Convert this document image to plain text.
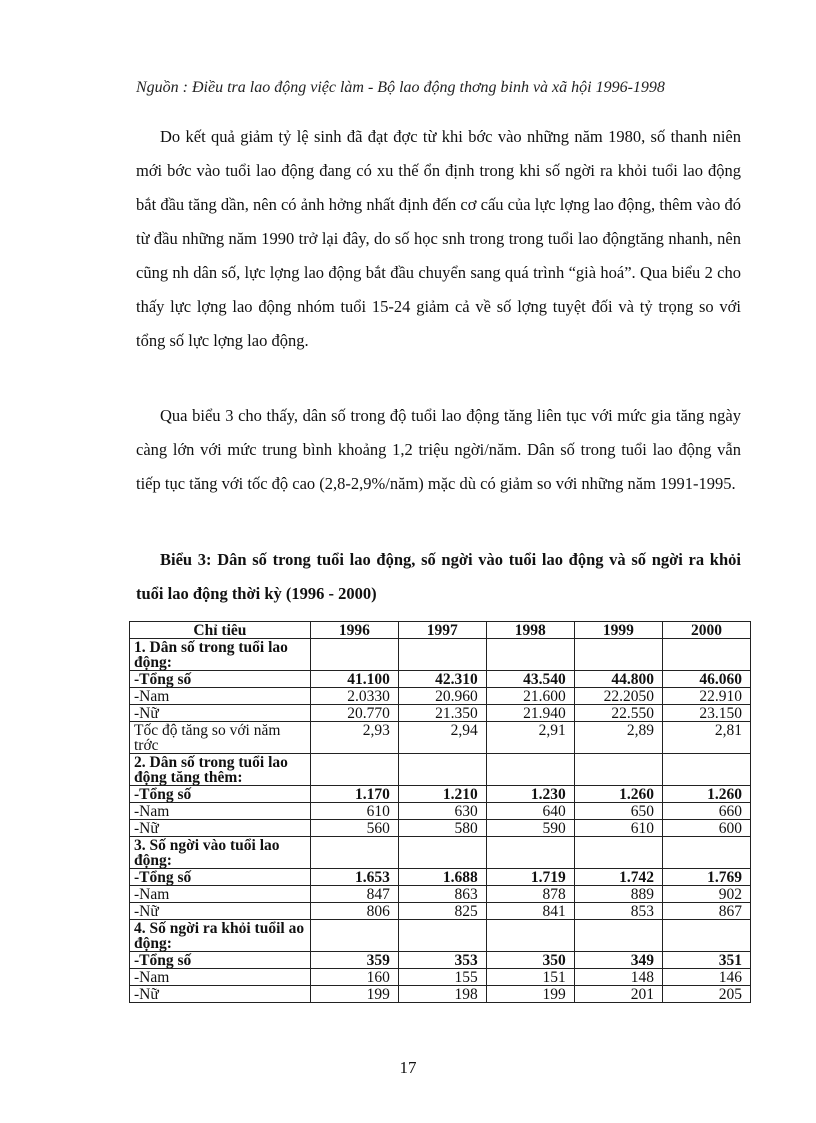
Nguồn : Điều tra lao động việc làm - Bộ lao động thơng binh và xã hội 1996-1998
Do kết quả giảm tỷ lệ sinh đã đạt đợc từ khi bớc vào những năm 1980, số thanh niên mới bớc vào tuổi lao động đang có xu thế ổn định trong khi số ngời ra khỏi tuổi lao động bắt đầu tăng dần, nên có ảnh hởng nhất định đến cơ cấu của lực lợng lao động, thêm vào đó từ đầu những năm 1990 trở lại đây, do số học snh trong trong tuổi lao độngtăng nhanh, nên cũng nh dân số, lực lợng lao động bắt đầu chuyển sang quá trình “già hoá”. Qua biểu 2 cho thấy lực lợng lao động nhóm tuổi 15-24 giảm cả về số lợng tuyệt đối và tỷ trọng so với tổng số lực lợng lao động.
Qua biểu 3 cho thấy, dân số trong độ tuổi lao động tăng liên tục với mức gia tăng ngày càng lớn với mức trung bình khoảng 1,2 triệu ngời/năm. Dân số trong tuổi lao động vẫn tiếp tục tăng với tốc độ cao (2,8-2,9%/năm) mặc dù có giảm so với những năm 1991-1995.
Biểu 3: Dân số trong tuổi lao động, số ngời vào tuổi lao động và số ngời ra khỏi tuổi lao động thời kỳ (1996 - 2000)
Chỉ tiêu	1996	1997	1998	1999	2000
1. Dân số trong tuổi lao động:					
-Tổng số	41.100	42.310	43.540	44.800	46.060
-Nam	2.0330	20.960	21.600	22.2050	22.910
-Nữ	20.770	21.350	21.940	22.550	23.150
Tốc độ tăng so với năm trớc	2,93	2,94	2,91	2,89	2,81
2. Dân số trong tuổi lao động tăng thêm:					
-Tổng số	1.170	1.210	1.230	1.260	1.260
-Nam	610	630	640	650	660
-Nữ	560	580	590	610	600
3. Số ngời vào tuổi lao động:					
-Tổng số	1.653	1.688	1.719	1.742	1.769
-Nam	847	863	878	889	902
-Nữ	806	825	841	853	867
4. Số ngời ra khỏi tuổil ao động:					
-Tổng số	359	353	350	349	351
-Nam	160	155	151	148	146
-Nữ	199	198	199	201	205
17
